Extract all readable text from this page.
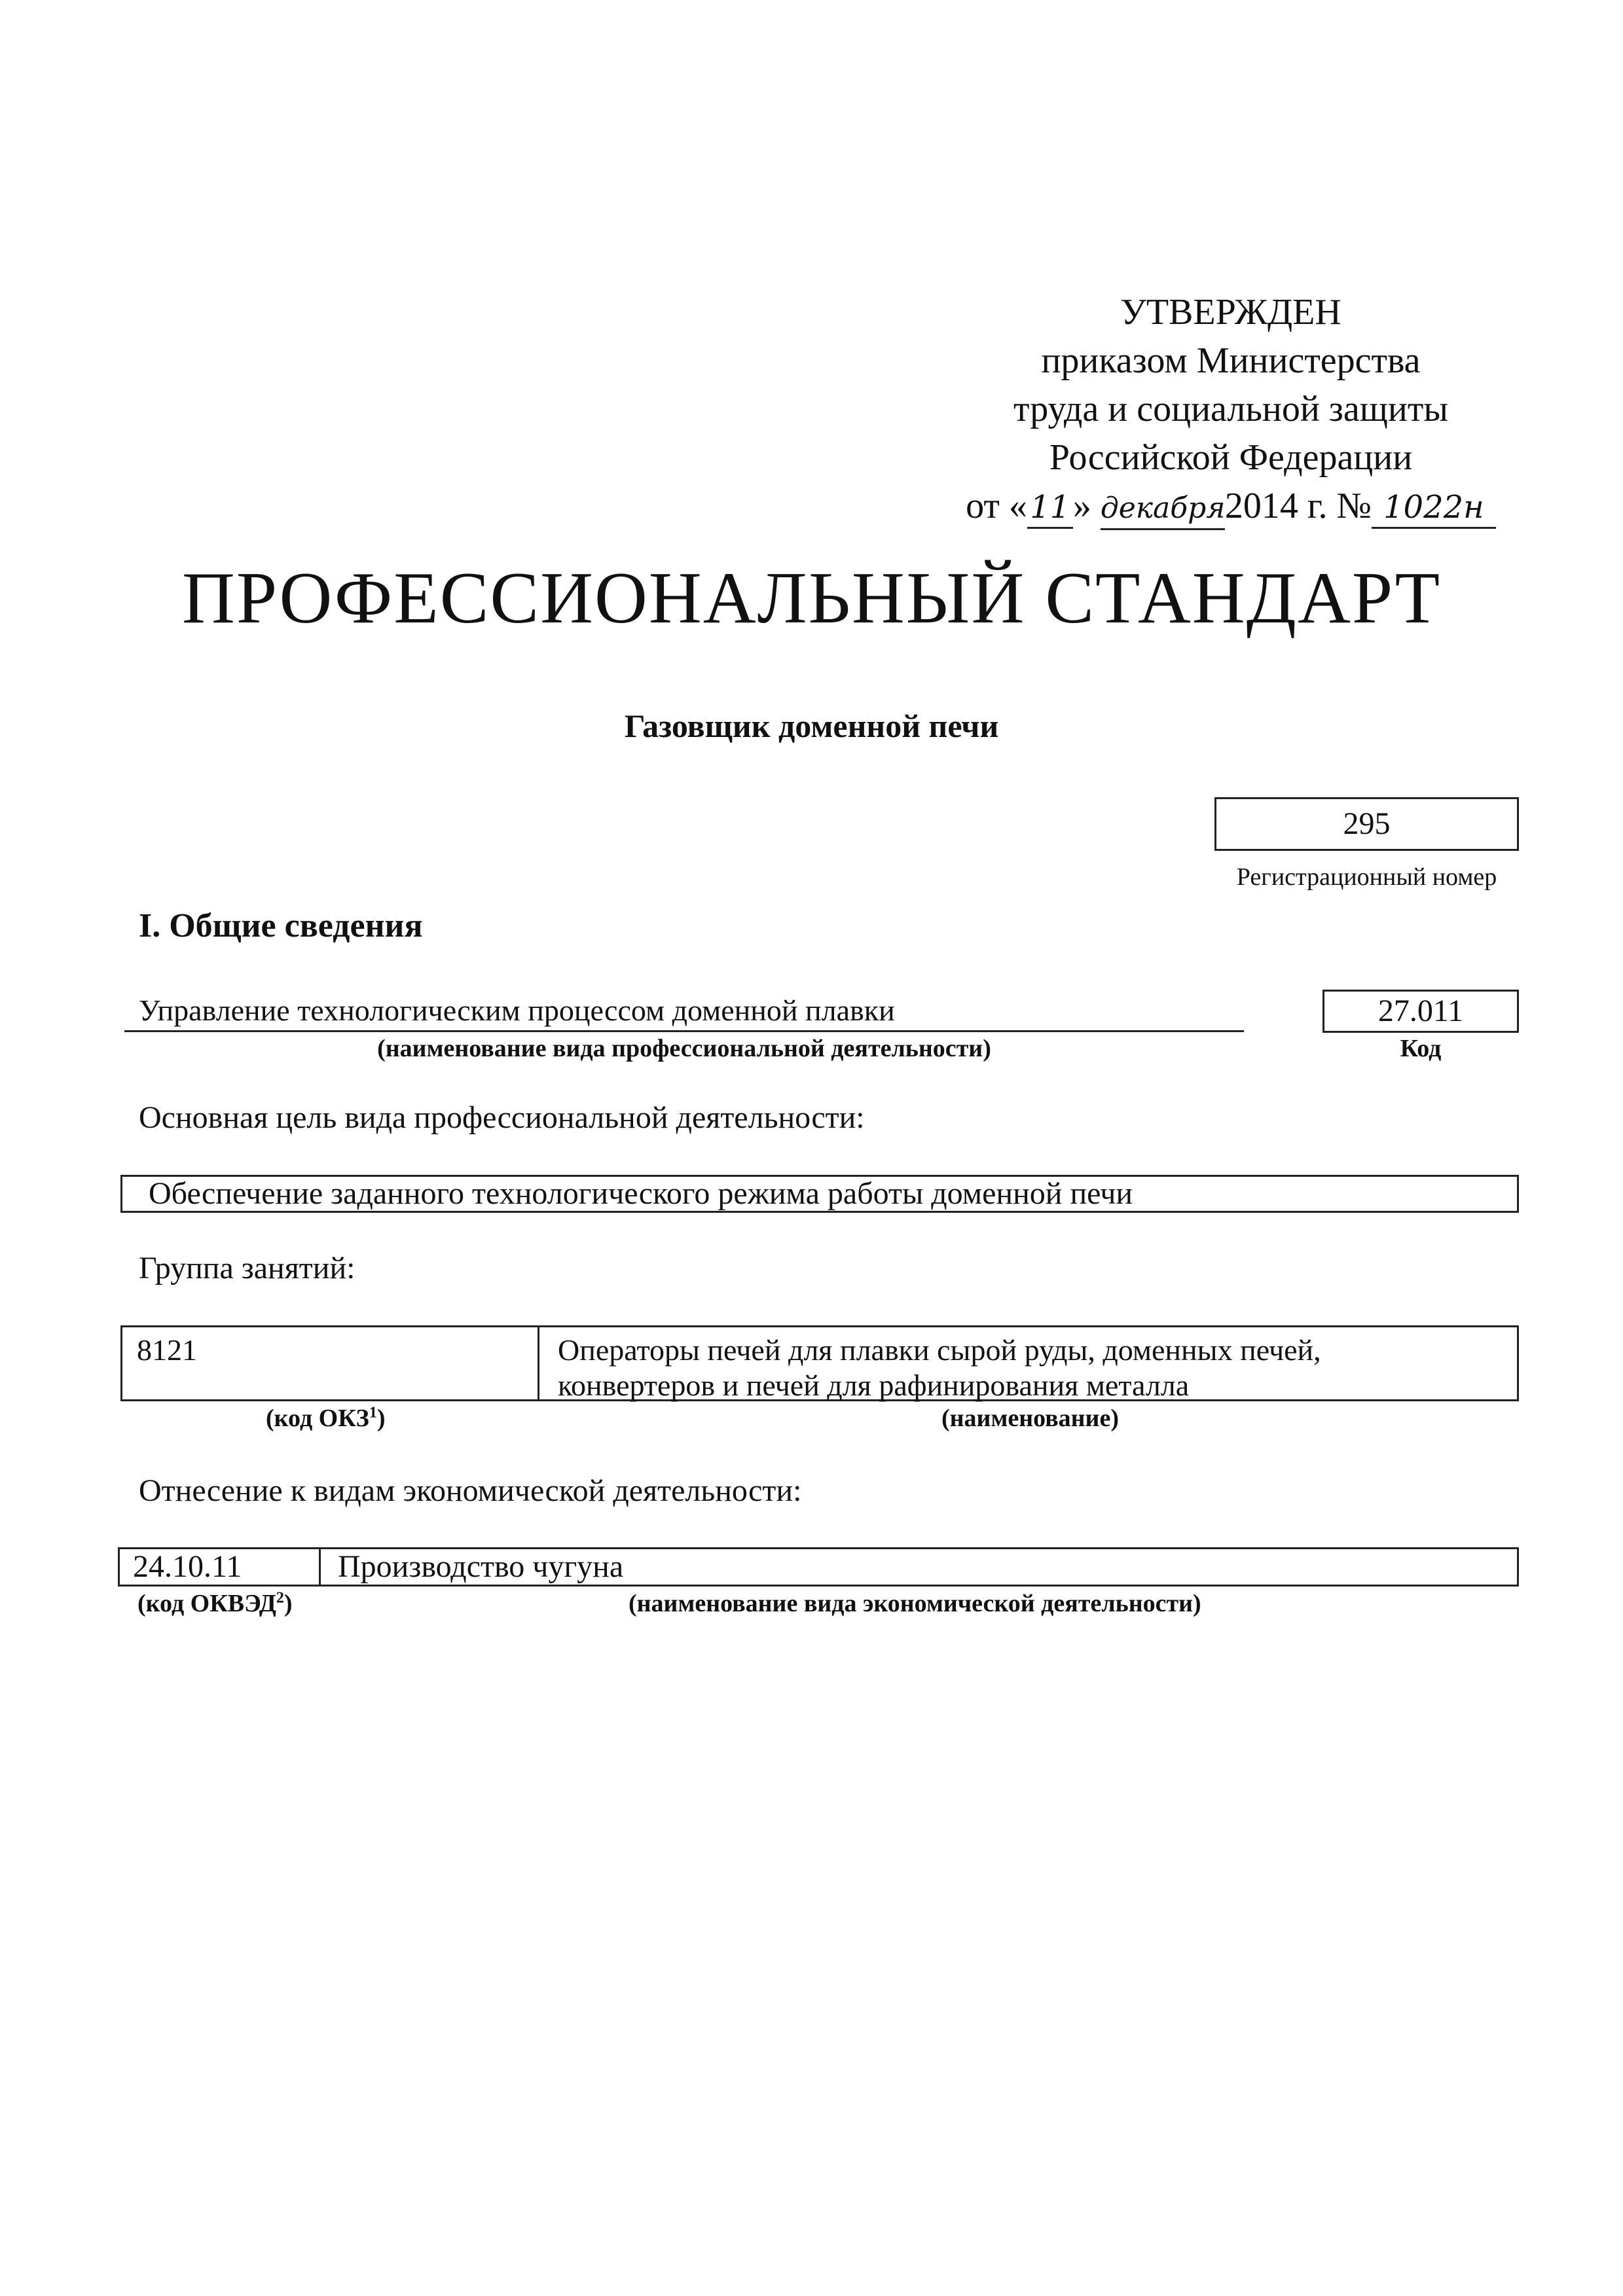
УТВЕРЖДЕН
приказом Министерства
труда и социальной защиты
Российской Федерации
от «11» декабря2014 г. № 1022н
ПРОФЕССИОНАЛЬНЫЙ СТАНДАРТ
Газовщик доменной печи
295
Регистрационный номер
I. Общие сведения
Управление технологическим процессом доменной плавки
(наименование вида профессиональной деятельности)
27.011
Код
Основная цель вида профессиональной деятельности:
Обеспечение заданного технологического режима работы доменной печи
Группа занятий:
8121	Операторы печей для плавки сырой руды, доменных печей,
конвертеров и печей для рафинирования металла
(код ОКЗ$^1$)	(наименование)
Отнесение к видам экономической деятельности:
24.10.11	Производство чугуна
(код ОКВЭД$^2$)	(наименование вида экономической деятельности)
